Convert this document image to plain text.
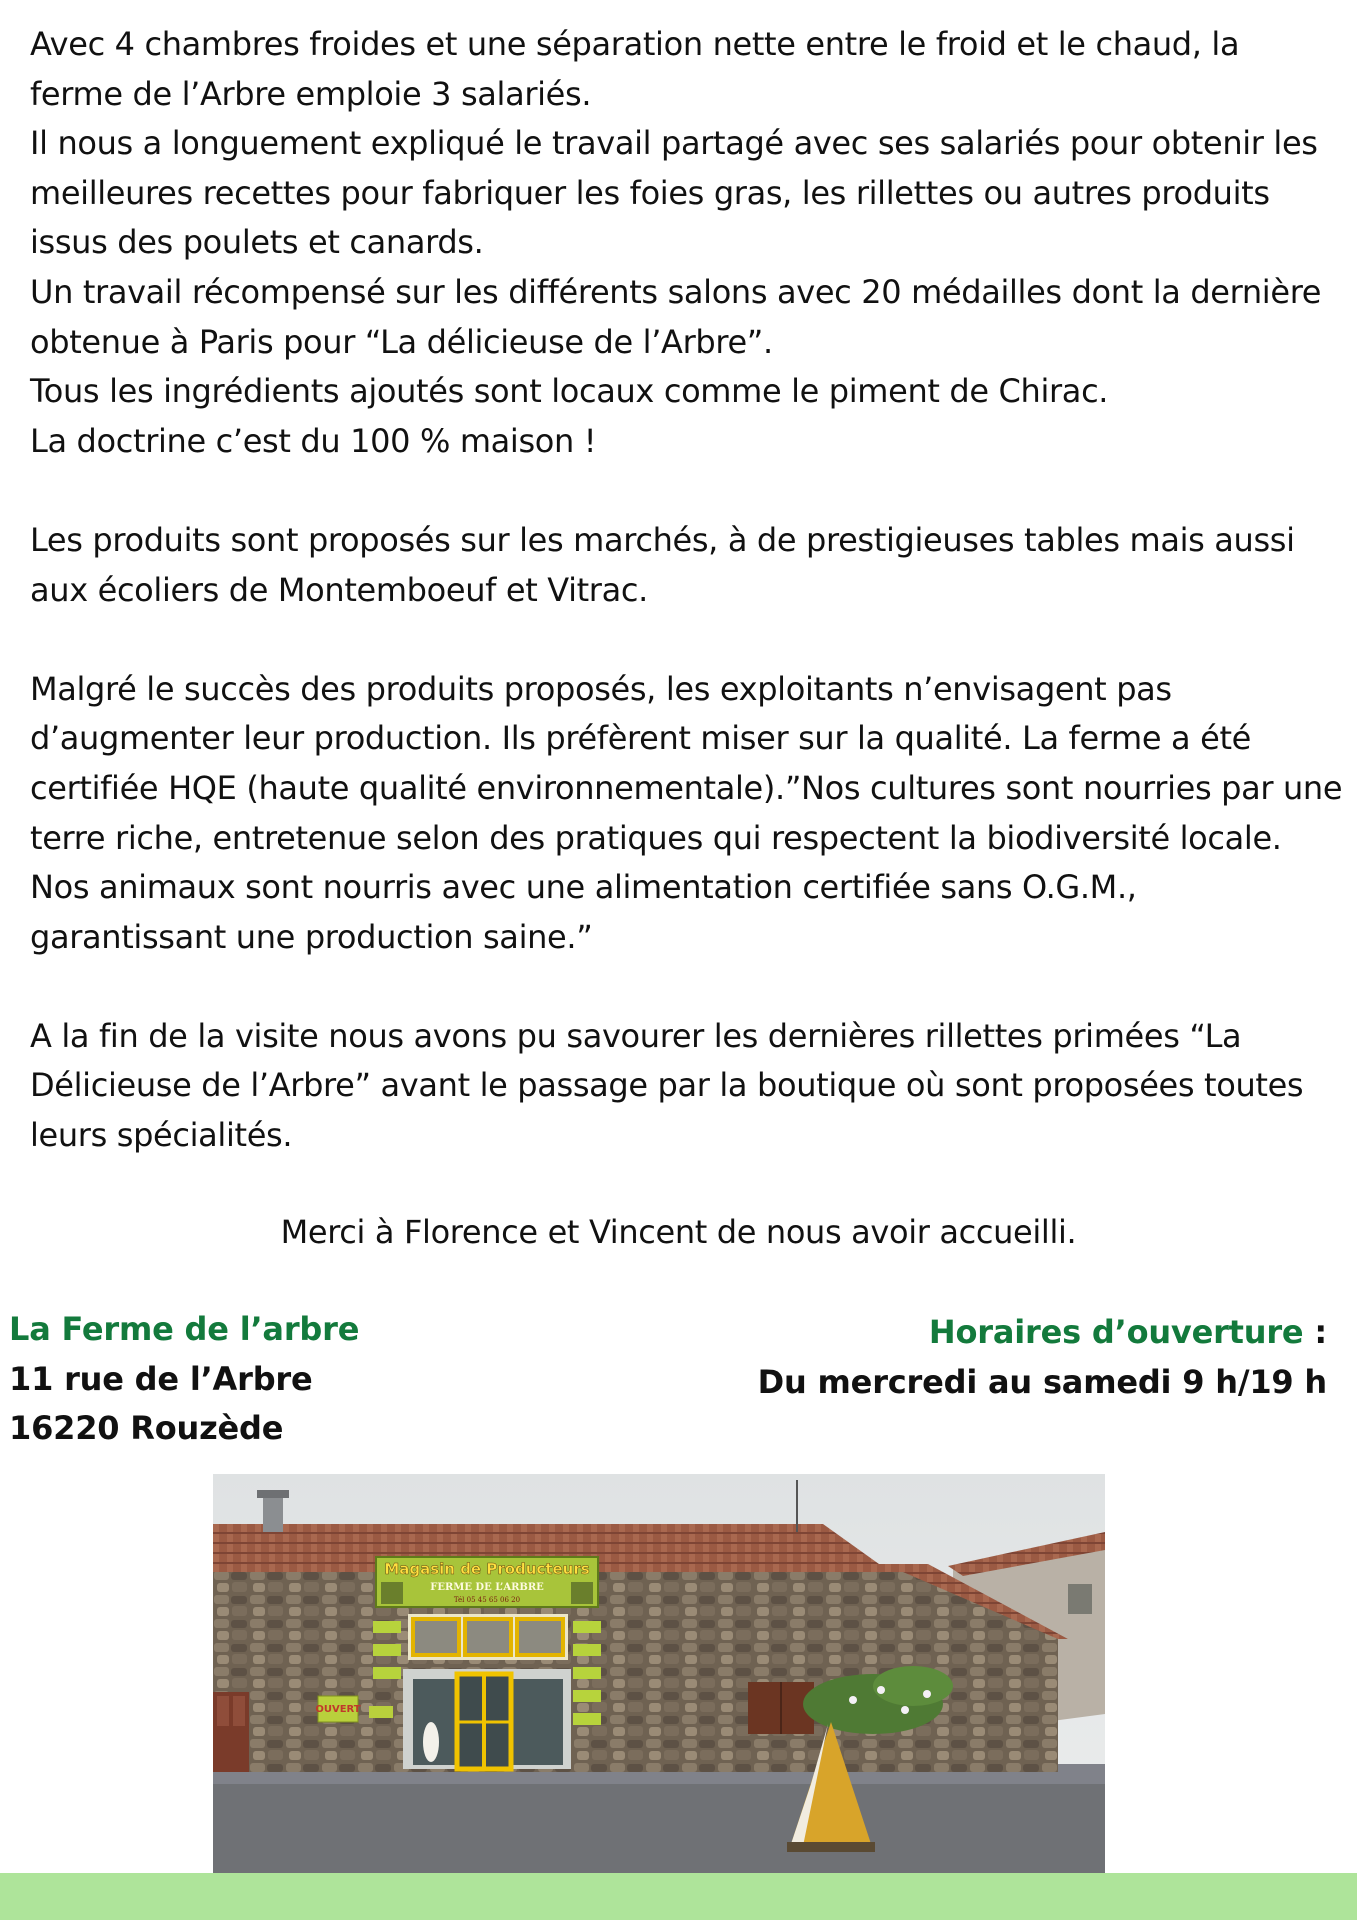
Avec 4 chambres froides et une séparation nette entre le froid et le chaud, la

ferme de l’Arbre emploie 3 salariés.

Il nous a longuement expliqué le travail partagé avec ses salariés pour obtenir les

meilleures recettes pour fabriquer les foies gras, les rillettes ou autres produits

issus des poulets et canards.

Un travail récompensé sur les différents salons avec 20 médailles dont la dernière

obtenue à Paris pour “La délicieuse de l’Arbre”.

Tous les ingrédients ajoutés sont locaux comme le piment de Chirac.

La doctrine c’est du 100 % maison !

Les produits sont proposés sur les marchés, à de prestigieuses tables mais aussi

aux écoliers de Montemboeuf et Vitrac.

Malgré le succès des produits proposés, les exploitants n’envisagent pas

d’augmenter leur production. Ils préfèrent miser sur la qualité. La ferme a été

certifiée HQE (haute qualité environnementale).”Nos cultures sont nourries par une

terre riche, entretenue selon des pratiques qui respectent la biodiversité locale.

Nos animaux sont nourris avec une alimentation certifiée sans O.G.M.,

garantissant une production saine.”

A la fin de la visite nous avons pu savourer les dernières rillettes primées “La

Délicieuse de l’Arbre” avant le passage par la boutique où sont proposées toutes

leurs spécialités.

Merci à Florence et Vincent de nous avoir accueilli.

La Ferme de l’arbre

11 rue de l’Arbre

16220 Rouzède

Horaires d’ouverture :

Du mercredi au samedi 9 h/19 h

Magasin de Producteurs
FERME DE L’ARBRE
Tél 05 45 65 06 20
OUVERT
